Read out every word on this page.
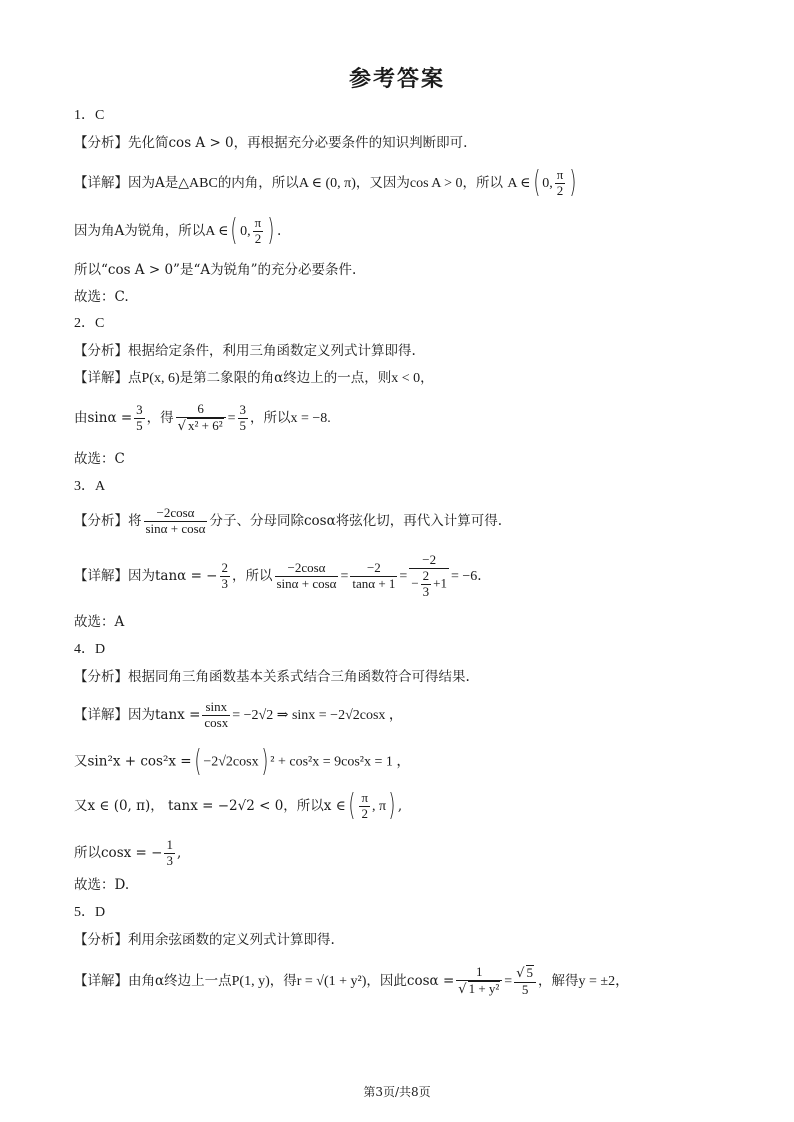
参考答案
1．C
【分析】先化简cos A > 0，再根据充分必要条件的知识判断即可.
【详解】因为A是△ABC的内角，所以A ∈ (0, π)，又因为cos A > 0，所以 A ∈( 0, $\frac{\pi}{2}$ )
因为角A为锐角，所以A ∈( 0, $\frac{\pi}{2}$ ) .
所以“cos A > 0”是“A为锐角”的充分必要条件.
故选：C.
2．C
【分析】根据给定条件，利用三角函数定义列式计算即得.
【详解】点P(x, 6)是第二象限的角α终边上的一点，则x < 0，
由$\sin\alpha = \frac{3}{5}$ ，得 $\frac{6}{\text{√ x² + 6²}} = \frac{3}{5}$ ，所以x = −8.
故选：C
3．A
【分析】将 $\frac{-2\cos\alpha}{\sin\alpha + \cos\alpha}$ 分子、分母同除cosα将弦化切，再代入计算可得.
【详解】因为tanα = − $\frac{2}{3}$ ，所以 $\frac{-2\cos\alpha}{\sin\alpha + \cos\alpha} = \frac{-2}{\tan\alpha + 1} = \frac{-2}{- \frac{2}{3} +1} = -6$.
故选：A
4．D
【分析】根据同角三角函数基本关系式结合三角函数符合可得结果.
【详解】因为$\tan x = \frac{\sin x}{\cos x} = -2√2$ ⇒ sinx = −2√2cosx ，
又sin²x + cos²x =( −2√2cosx) ² + cos²x = 9cos²x = 1 ，
又x ∈ (0, π)， tanx = −2√2 < 0，所以x ∈( $\frac{\pi}{2}$ , π) ,
所以cosx = − $\frac{1}{3}$ ,
故选：D.
5．D
【分析】利用余弦函数的定义列式计算即得.
【详解】由角α终边上一点P(1, y)，得r = √(1 + y²)，因此$\cos\alpha = \frac{1}{\text{√ 1 + y²}} = \frac{√ 5}{5}$ ，解得y = ±2，
第3页/共8页
